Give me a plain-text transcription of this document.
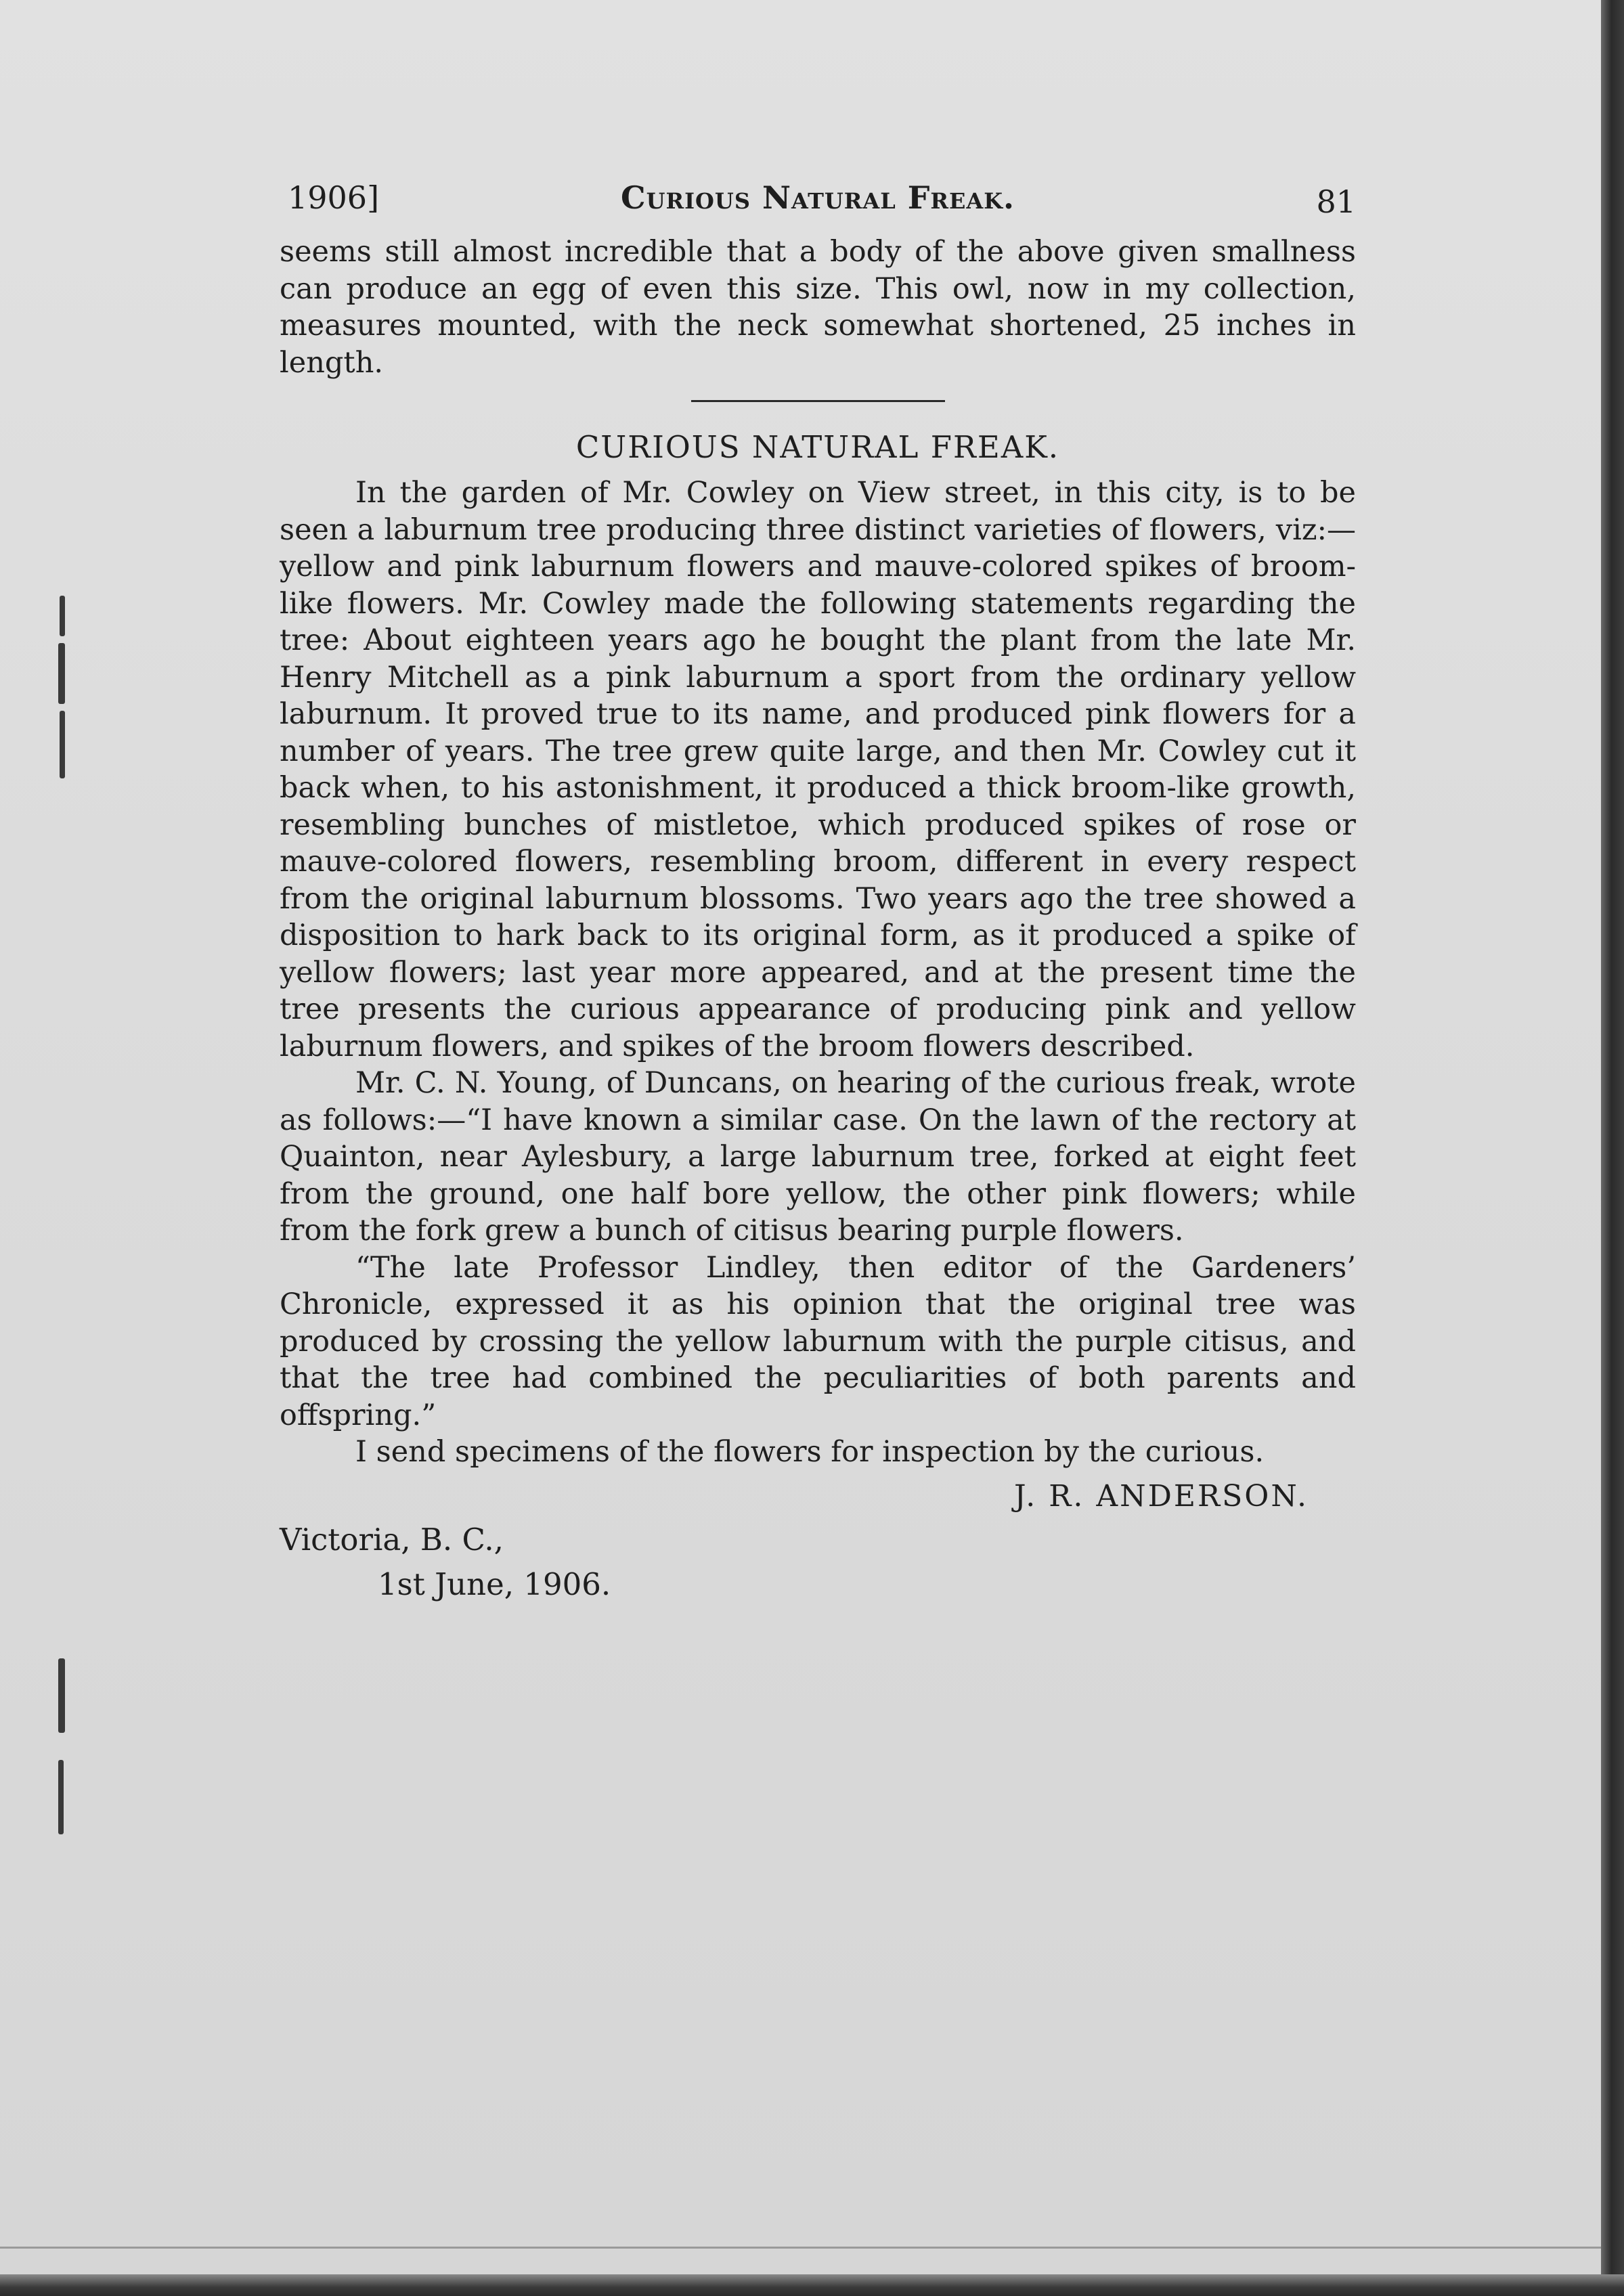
1906]	Curious Natural Freak.	81

seems still almost incredible that a body of the above given smallness can produce an egg of even this size. This owl, now in my collection, measures mounted, with the neck somewhat shortened, 25 inches in length.

CURIOUS NATURAL FREAK.

In the garden of Mr. Cowley on View street, in this city, is to be seen a laburnum tree producing three distinct varieties of flowers, viz:—yellow and pink laburnum flowers and mauve-colored spikes of broom-like flowers. Mr. Cowley made the following statements regarding the tree: About eighteen years ago he bought the plant from the late Mr. Henry Mitchell as a pink laburnum a sport from the ordinary yellow laburnum. It proved true to its name, and produced pink flowers for a number of years. The tree grew quite large, and then Mr. Cowley cut it back when, to his astonishment, it produced a thick broom-like growth, resembling bunches of mistletoe, which produced spikes of rose or mauve-colored flowers, resembling broom, different in every respect from the original laburnum blossoms. Two years ago the tree showed a disposition to hark back to its original form, as it produced a spike of yellow flowers; last year more appeared, and at the present time the tree presents the curious appearance of producing pink and yellow laburnum flowers, and spikes of the broom flowers described.

Mr. C. N. Young, of Duncans, on hearing of the curious freak, wrote as follows:—“I have known a similar case. On the lawn of the rectory at Quainton, near Aylesbury, a large laburnum tree, forked at eight feet from the ground, one half bore yellow, the other pink flowers; while from the fork grew a bunch of citisus bearing purple flowers.

“The late Professor Lindley, then editor of the Gardeners’ Chronicle, expressed it as his opinion that the original tree was produced by crossing the yellow laburnum with the purple citisus, and that the tree had combined the peculiarities of both parents and offspring.”

I send specimens of the flowers for inspection by the curious.

J. R. ANDERSON.
Victoria, B. C.,
1st June, 1906.
